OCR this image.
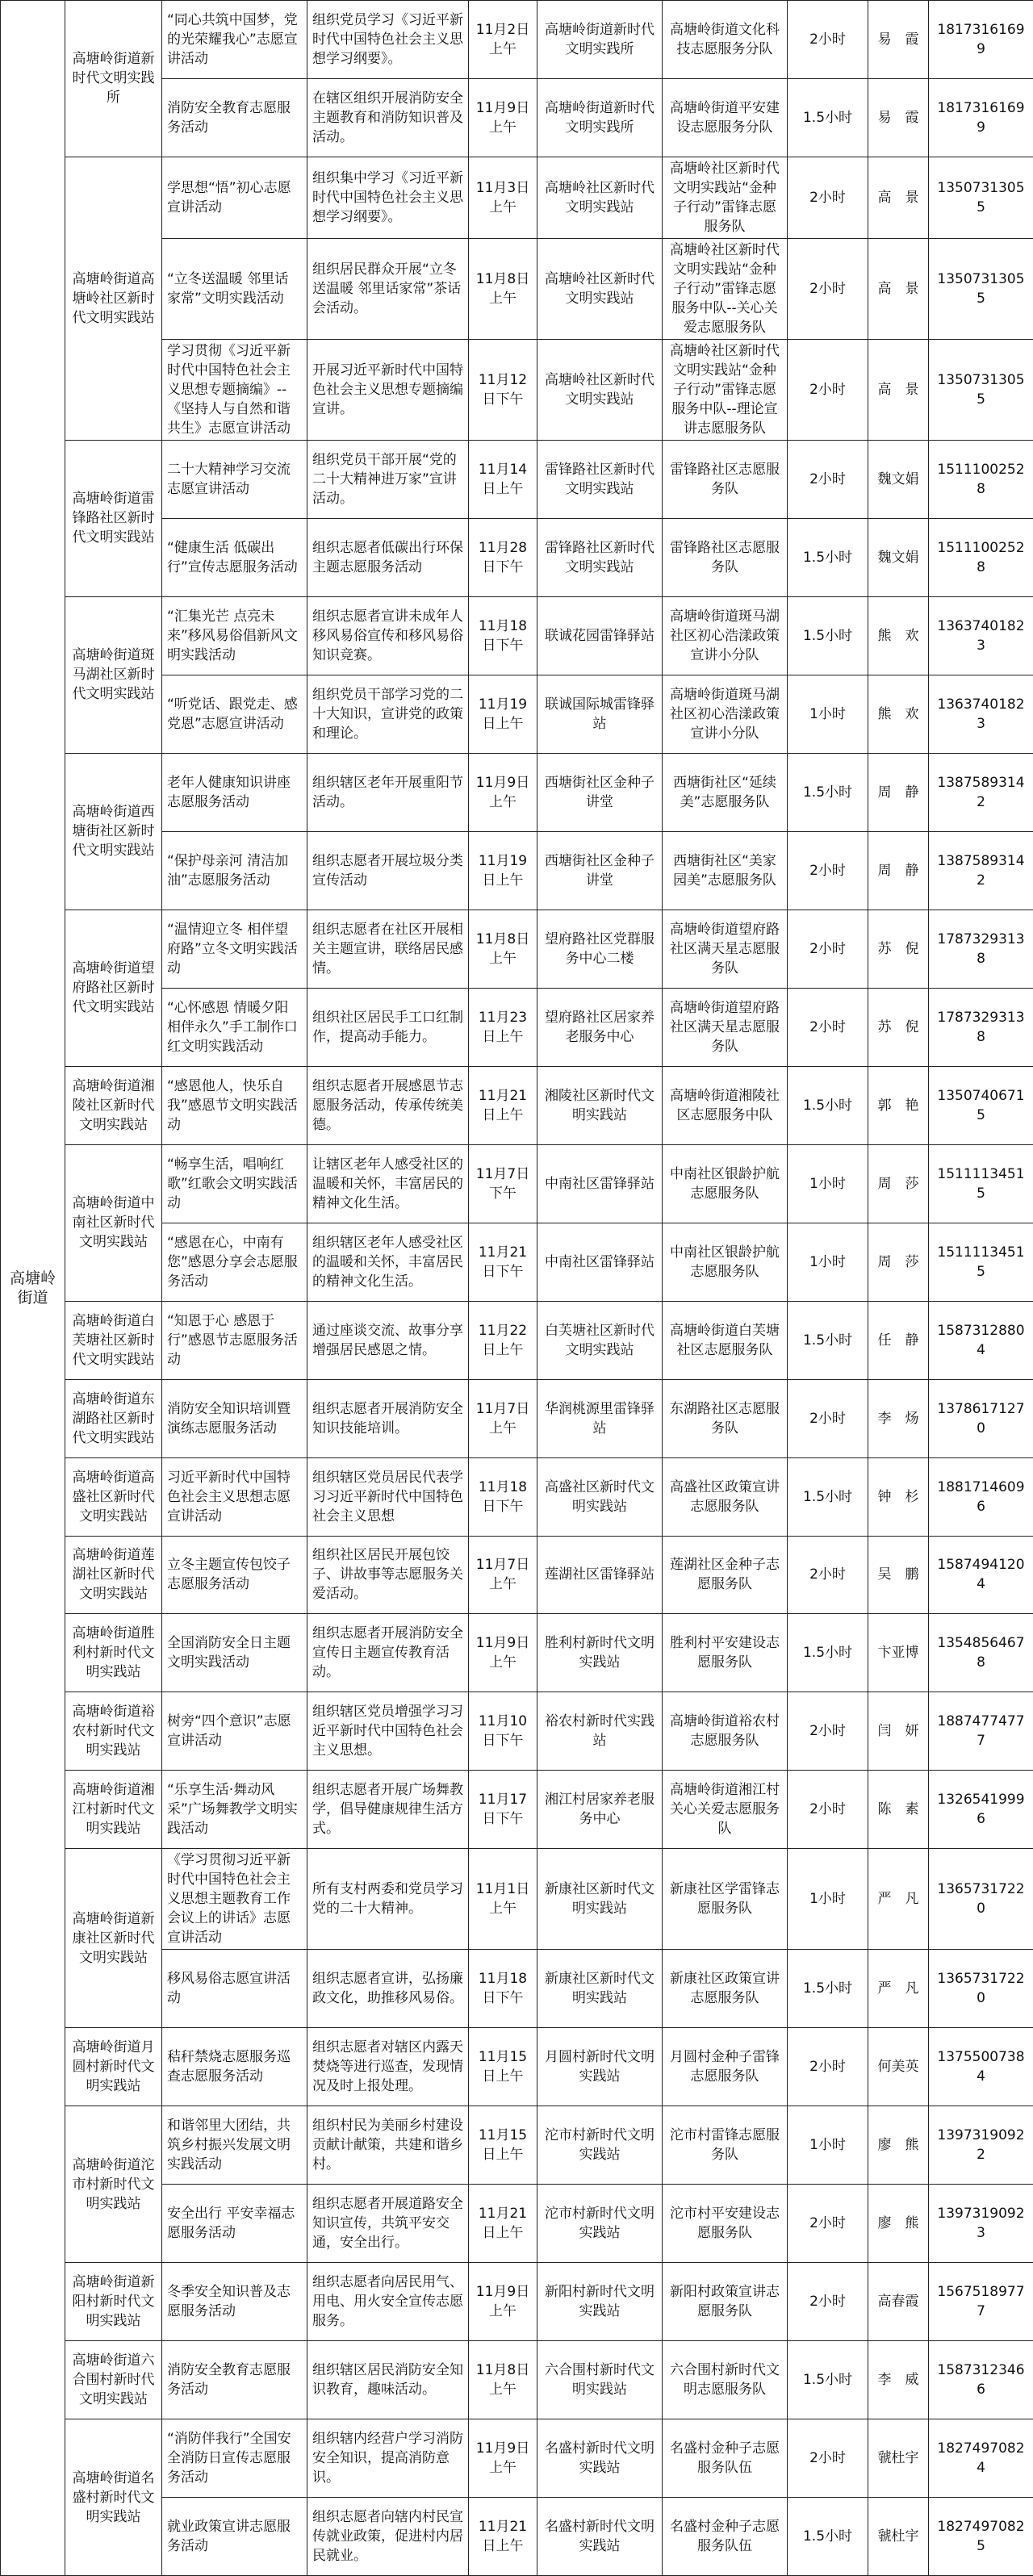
高塘岭街道	高塘岭街道新时代文明实践所	“同心共筑中国梦，党的光荣耀我心”志愿宣讲活动	组织党员学习《习近平新时代中国特色社会主义思想学习纲要》。	11月2日上午	高塘岭街道新时代文明实践所	高塘岭街道文化科技志愿服务分队	2小时	易　霞	18173161699
		消防安全教育志愿服务活动	在辖区组织开展消防安全主题教育和消防知识普及活动。	11月9日上午	高塘岭街道新时代文明实践所	高塘岭街道平安建设志愿服务分队	1.5小时	易　霞	18173161699
	高塘岭街道高塘岭社区新时代文明实践站	学思想“悟”初心志愿宣讲活动	组织集中学习《习近平新时代中国特色社会主义思想学习纲要》。	11月3日上午	高塘岭社区新时代文明实践站	高塘岭社区新时代文明实践站“金种子行动”雷锋志愿服务队	2小时	高　景	13507313055
		“立冬送温暖 邻里话家常”文明实践活动	组织居民群众开展“立冬送温暖 邻里话家常”茶话会活动。	11月8日上午	高塘岭社区新时代文明实践站	高塘岭社区新时代文明实践站“金种子行动”雷锋志愿服务中队--关心关爱志愿服务队	2小时	高　景	13507313055
		学习贯彻《习近平新时代中国特色社会主义思想专题摘编》--《坚持人与自然和谐共生》志愿宣讲活动	开展习近平新时代中国特色社会主义思想专题摘编宣讲。	11月12日下午	高塘岭社区新时代文明实践站	高塘岭社区新时代文明实践站“金种子行动”雷锋志愿服务中队--理论宣讲志愿服务队	2小时	高　景	13507313055
	高塘岭街道雷锋路社区新时代文明实践站	二十大精神学习交流志愿宣讲活动	组织党员干部开展“党的二十大精神进万家”宣讲活动。	11月14日上午	雷锋路社区新时代文明实践站	雷锋路社区志愿服务队	2小时	魏文娟	15111002528
		“健康生活 低碳出行”宣传志愿服务活动	组织志愿者低碳出行环保主题志愿服务活动	11月28日下午	雷锋路社区新时代文明实践站	雷锋路社区志愿服务队	1.5小时	魏文娟	15111002528
	高塘岭街道斑马湖社区新时代文明实践站	“汇集光芒 点亮未来”移风易俗倡新风文明实践活动	组织志愿者宣讲未成年人移风易俗宣传和移风易俗知识竞赛。	11月18日下午	联诚花园雷锋驿站	高塘岭街道斑马湖社区初心浩漾政策宣讲小分队	1.5小时	熊　欢	13637401823
		“听党话、跟党走、感党恩”志愿宣讲活动	组织党员干部学习党的二十大知识，宣讲党的政策和理论。	11月19日上午	联诚国际城雷锋驿站	高塘岭街道斑马湖社区初心浩漾政策宣讲小分队	1小时	熊　欢	13637401823
	高塘岭街道西塘街社区新时代文明实践站	老年人健康知识讲座志愿服务活动	组织辖区老年开展重阳节活动。	11月9日上午	西塘街社区金种子讲堂	西塘街社区“延续美”志愿服务队	1.5小时	周　静	13875893142
		“保护母亲河 清洁加油”志愿服务活动	组织志愿者开展垃圾分类宣传活动	11月19日上午	西塘街社区金种子讲堂	西塘街社区“美家园美”志愿服务队	2小时	周　静	13875893142
	高塘岭街道望府路社区新时代文明实践站	“温情迎立冬 相伴望府路”立冬文明实践活动	组织志愿者在社区开展相关主题宣讲，联络居民感情。	11月8日上午	望府路社区党群服务中心二楼	高塘岭街道望府路社区满天星志愿服务队	2小时	苏　倪	17873293138
		“心怀感恩 情暖夕阳 相伴永久”手工制作口红文明实践活动	组织社区居民手工口红制作，提高动手能力。	11月23日上午	望府路社区居家养老服务中心	高塘岭街道望府路社区满天星志愿服务队	2小时	苏　倪	17873293138
	高塘岭街道湘陵社区新时代文明实践站	“感恩他人，快乐自我”感恩节文明实践活动	组织志愿者开展感恩节志愿服务活动，传承传统美德。	11月21日上午	湘陵社区新时代文明实践站	高塘岭街道湘陵社区志愿服务中队	1.5小时	郭　艳	13507406715
	高塘岭街道中南社区新时代文明实践站	“畅享生活，唱响红歌”红歌会文明实践活动	让辖区老年人感受社区的温暖和关怀，丰富居民的精神文化生活。	11月7日下午	中南社区雷锋驿站	中南社区银龄护航志愿服务队	1小时	周　莎	15111134515
		“感恩在心，中南有您”感恩分享会志愿服务活动	组织辖区老年人感受社区的温暖和关怀，丰富居民的精神文化生活。	11月21日下午	中南社区雷锋驿站	中南社区银龄护航志愿服务队	1小时	周　莎	15111134515
	高塘岭街道白芙塘社区新时代文明实践站	“知恩于心 感恩于行”感恩节志愿服务活动	通过座谈交流、故事分享增强居民感恩之情。	11月22日上午	白芙塘社区新时代文明实践站	高塘岭街道白芙塘社区志愿服务队	1.5小时	任　静	15873128804
	高塘岭街道东湖路社区新时代文明实践站	消防安全知识培训暨演练志愿服务活动	组织志愿者开展消防安全知识技能培训。	11月7日上午	华润桃源里雷锋驿站	东湖路社区志愿服务队	2小时	李　炀	13786171270
	高塘岭街道高盛社区新时代文明实践站	习近平新时代中国特色社会主义思想志愿宣讲活动	组织辖区党员居民代表学习习近平新时代中国特色社会主义思想	11月18日下午	高盛社区新时代文明实践站	高盛社区政策宣讲志愿服务队	1.5小时	钟　杉	18817146096
	高塘岭街道莲湖社区新时代文明实践站	立冬主题宣传包饺子志愿服务活动	组织社区居民开展包饺子、讲故事等志愿服务关爱活动。	11月7日上午	莲湖社区雷锋驿站	莲湖社区金种子志愿服务队	2小时	吴　鹏	15874941204
	高塘岭街道胜利村新时代文明实践站	全国消防安全日主题文明实践活动	组织志愿者开展消防安全宣传日主题宣传教育活动。	11月9日上午	胜利村新时代文明实践站	胜利村平安建设志愿服务队	1.5小时	卞亚博	13548564678
	高塘岭街道裕农村新时代文明实践站	树旁“四个意识”志愿宣讲活动	组织辖区党员增强学习习近平新时代中国特色社会主义思想。	11月10日下午	裕农村新时代实践站	高塘岭街道裕农村志愿服务队	2小时	闫　妍	18874774777
	高塘岭街道湘江村新时代文明实践站	“乐享生活·舞动风采”广场舞教学文明实践活动	组织志愿者开展广场舞教学，倡导健康规律生活方式。	11月17日下午	湘江村居家养老服务中心	高塘岭街道湘江村关心关爱志愿服务队	2小时	陈　素	13265419996
	高塘岭街道新康社区新时代文明实践站	《学习贯彻习近平新时代中国特色社会主义思想主题教育工作会议上的讲话》志愿宣讲活动	所有支村两委和党员学习党的二十大精神。	11月1日上午	新康社区新时代文明实践站	新康社区学雷锋志愿服务队	1小时	严　凡	13657317220
		移风易俗志愿宣讲活动	组织志愿者宣讲，弘扬廉政文化，助推移风易俗。	11月18日下午	新康社区新时代文明实践站	新康社区政策宣讲志愿服务队	1.5小时	严　凡	13657317220
	高塘岭街道月圆村新时代文明实践站	秸秆禁烧志愿服务巡查志愿服务活动	组织志愿者对辖区内露天焚烧等进行巡查，发现情况及时上报处理。	11月15日上午	月圆村新时代文明实践站	月圆村金种子雷锋志愿服务队	2小时	何美英	13755007384
	高塘岭街道沱市村新时代文明实践站	和谐邻里大团结，共筑乡村振兴发展文明实践活动	组织村民为美丽乡村建设贡献计献策，共建和谐乡村。	11月15日上午	沱市村新时代文明实践站	沱市村雷锋志愿服务队	1小时	廖　熊	13973190922
		安全出行 平安幸福志愿服务活动	组织志愿者开展道路安全知识宣传，共筑平安交通，安全出行。	11月21日上午	沱市村新时代文明实践站	沱市村平安建设志愿服务队	2小时	廖　熊	13973190923
	高塘岭街道新阳村新时代文明实践站	冬季安全知识普及志愿服务活动	组织志愿者向居民用气、用电、用火安全宣传志愿服务。	11月9日上午	新阳村新时代文明实践站	新阳村政策宣讲志愿服务队	2小时	高春霞	15675189777
	高塘岭街道六合围村新时代文明实践站	消防安全教育志愿服务活动	组织辖区居民消防安全知识教育，趣味活动。	11月8日上午	六合围村新时代文明实践站	六合围村新时代文明志愿服务队	1.5小时	李　威	15873123466
	高塘岭街道名盛村新时代文明实践站	“消防伴我行”全国安全消防日宣传志愿服务活动	组织辖内经营户学习消防安全知识，提高消防意识。	11月9日上午	名盛村新时代文明实践站	名盛村金种子志愿服务队伍	2小时	虢杜宇	18274970824
		就业政策宣讲志愿服务活动	组织志愿者向辖内村民宣传就业政策，促进村内居民就业。	11月21日上午	名盛村新时代文明实践站	名盛村金种子志愿服务队伍	1.5小时	虢杜宇	18274970825
